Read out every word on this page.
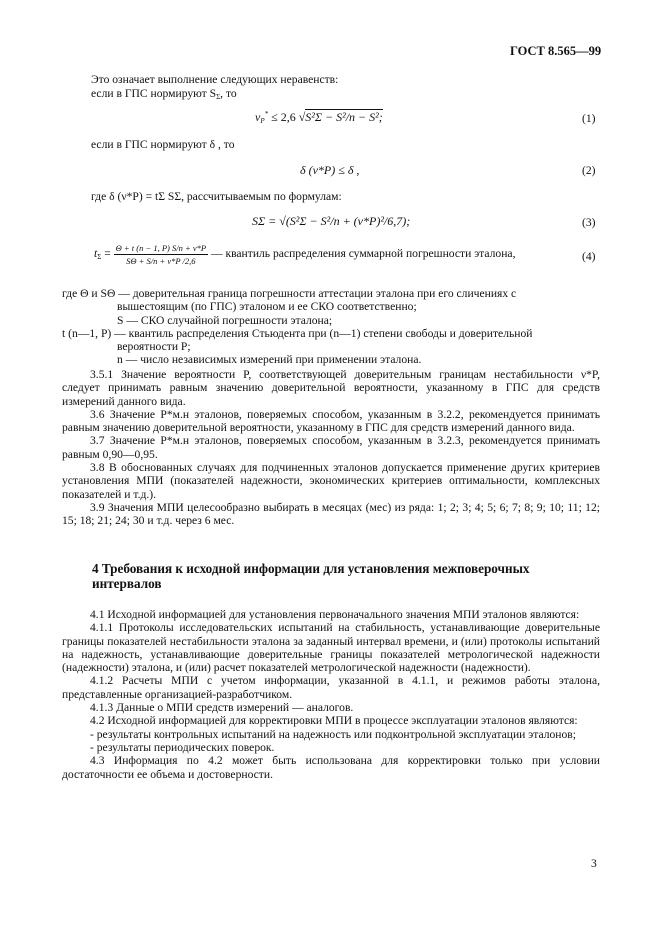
ГОСТ 8.565—99
Это означает выполнение следующих неравенств:
если в ГПС нормируют $S_\Sigma$, то
$\nu_P^* \le 2,6$ √S²Σ − S²/n − S²;	(1)
если в ГПС нормируют δ , то
δ (ν*P) ≤ δ ,	(2)
где δ (ν*P) = tΣ SΣ, рассчитываемым по формулам:
SΣ = √(S²Σ − S²/n + (ν*P)²/6,7);	(3)
$t_\Sigma = \frac{\Theta + t (n - 1, P) S/n + \nu*P}{S\Theta + S/n + \nu*P /2,6}$ — квантиль распределения суммарной погрешности эталона,	(4)
где Θ и SΘ — доверительная граница погрешности аттестации эталона при его сличениях с
вышестоящим (по ГПС) эталоном и ее СКО соответственно;
S — СКО случайной погрешности эталона;
t (n—1, P) — квантиль распределения Стьюдента при (n—1) степени свободы и доверительной
вероятности P;
n — число независимых измерений при применении эталона.

3.5.1 Значение вероятности P, соответствующей доверительным границам нестабильности ν*P, следует принимать равным значению доверительной вероятности, указанному в ГПС для средств измерений данного вида.

3.6 Значение P*м.н эталонов, поверяемых способом, указанным в 3.2.2, рекомендуется принимать равным значению доверительной вероятности, указанному в ГПС для средств измерений данного вида.

3.7 Значение P*м.н эталонов, поверяемых способом, указанным в 3.2.3, рекомендуется принимать равным 0,90—0,95.

3.8 В обоснованных случаях для подчиненных эталонов допускается применение других критериев установления МПИ (показателей надежности, экономических критериев оптимальности, комплексных показателей и т.д.).

3.9 Значения МПИ целесообразно выбирать в месяцах (мес) из ряда: 1; 2; 3; 4; 5; 6; 7; 8; 9; 10; 11; 12; 15; 18; 21; 24; 30 и т.д. через 6 мес.

4 Требования к исходной информации для установления межповерочных интервалов

4.1 Исходной информацией для установления первоначального значения МПИ эталонов являются:

4.1.1 Протоколы исследовательских испытаний на стабильность, устанавливающие доверительные границы показателей нестабильности эталона за заданный интервал времени, и (или) протоколы испытаний на надежность, устанавливающие доверительные границы показателей метрологической надежности (надежности) эталона, и (или) расчет показателей метрологической надежности (надежности).

4.1.2 Расчеты МПИ с учетом информации, указанной в 4.1.1, и режимов работы эталона, представленные организацией-разработчиком.

4.1.3 Данные о МПИ средств измерений — аналогов.

4.2 Исходной информацией для корректировки МПИ в процессе эксплуатации эталонов являются:

- результаты контрольных испытаний на надежность или подконтрольной эксплуатации эталонов;

- результаты периодических поверок.

4.3 Информация по 4.2 может быть использована для корректировки только при условии достаточности ее объема и достоверности.

3
